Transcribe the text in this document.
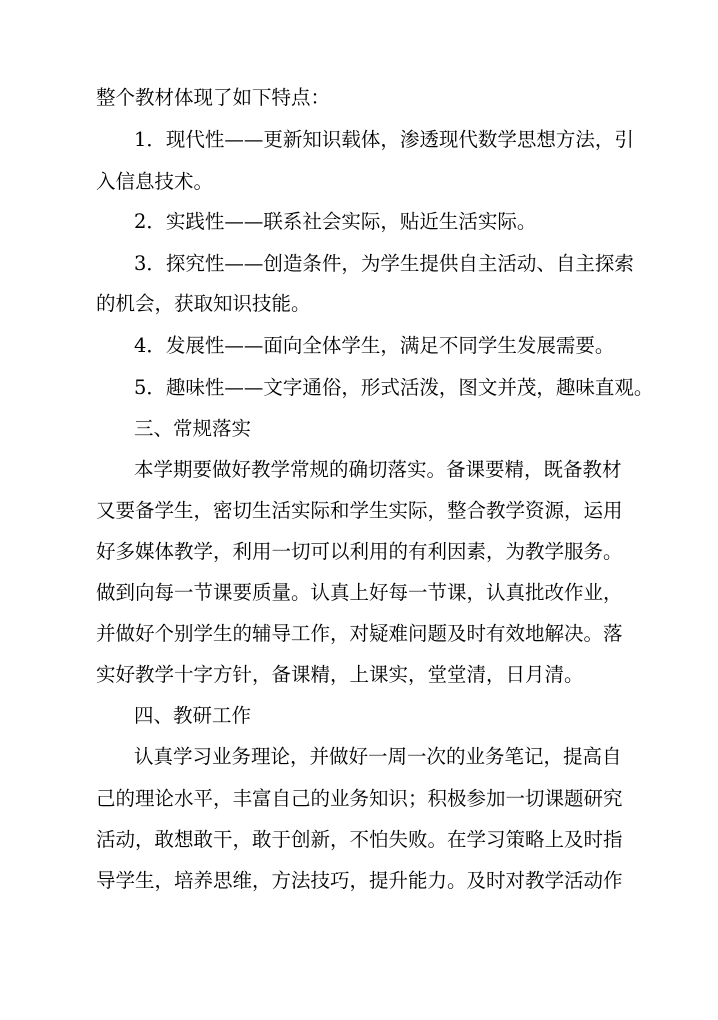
整个教材体现了如下特点：
1．现代性——更新知识载体，渗透现代数学思想方法，引
入信息技术。
2．实践性——联系社会实际，贴近生活实际。
3．探究性——创造条件，为学生提供自主活动、自主探索
的机会，获取知识技能。
4．发展性——面向全体学生，满足不同学生发展需要。
5．趣味性——文字通俗，形式活泼，图文并茂，趣味直观。
三、常规落实
本学期要做好教学常规的确切落实。备课要精，既备教材
又要备学生，密切生活实际和学生实际，整合教学资源，运用
好多媒体教学，利用一切可以利用的有利因素，为教学服务。
做到向每一节课要质量。认真上好每一节课，认真批改作业，
并做好个别学生的辅导工作，对疑难问题及时有效地解决。落
实好教学十字方针，备课精，上课实，堂堂清，日月清。
四、教研工作
认真学习业务理论，并做好一周一次的业务笔记，提高自
己的理论水平，丰富自己的业务知识；积极参加一切课题研究
活动，敢想敢干，敢于创新，不怕失败。在学习策略上及时指
导学生，培养思维，方法技巧，提升能力。及时对教学活动作
